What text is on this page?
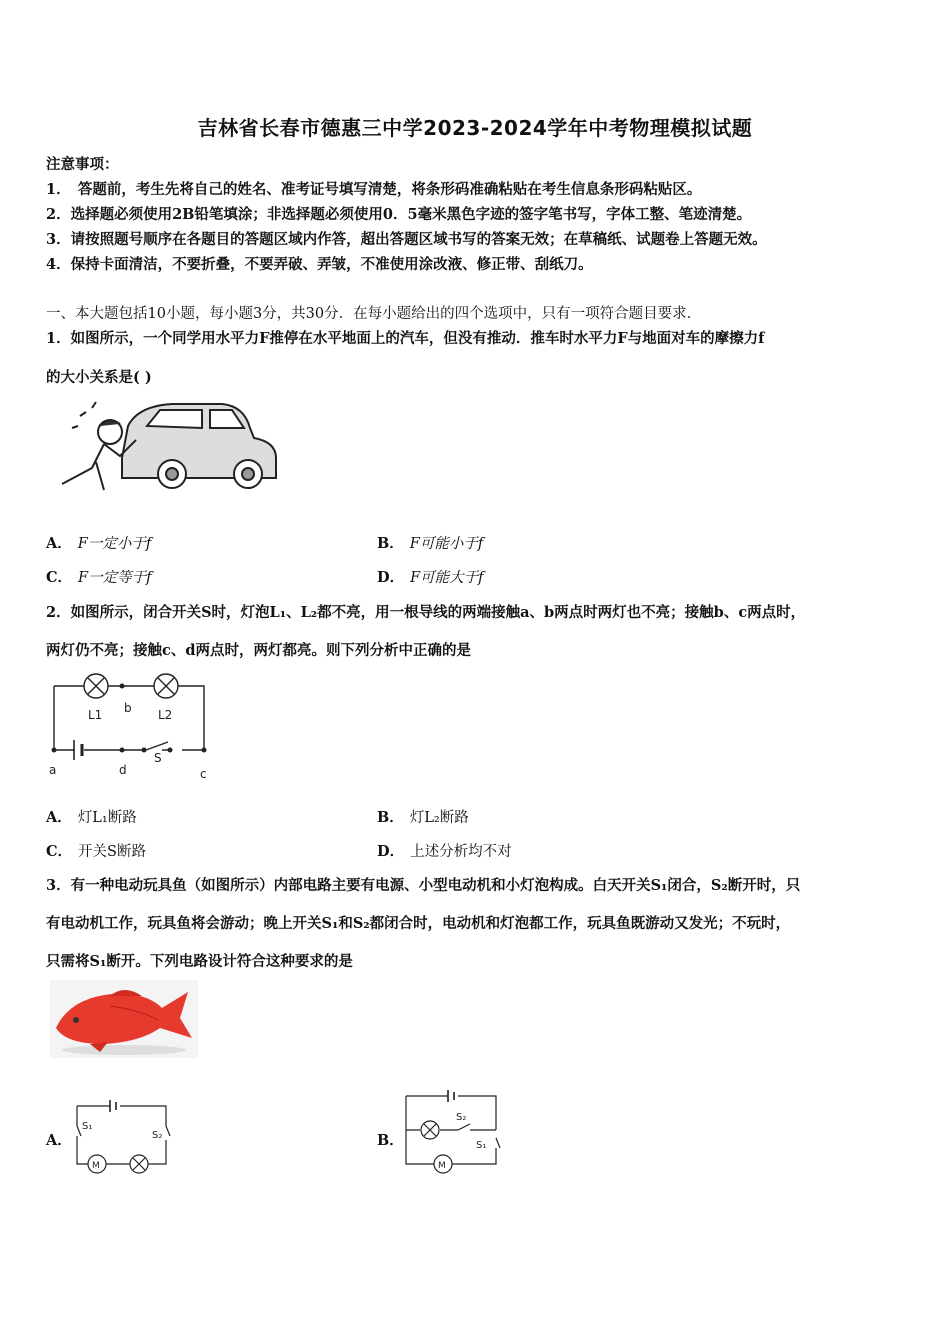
吉林省长春市德惠三中学2023-2024学年中考物理模拟试题
注意事项：
1．　答题前，考生先将自己的姓名、准考证号填写清楚，将条形码准确粘贴在考生信息条形码粘贴区。
2．选择题必须使用2B铅笔填涂；非选择题必须使用0．5毫米黑色字迹的签字笔书写，字体工整、笔迹清楚。
3．请按照题号顺序在各题目的答题区域内作答，超出答题区域书写的答案无效；在草稿纸、试题卷上答题无效。
4．保持卡面清洁，不要折叠，不要弄破、弄皱，不准使用涂改液、修正带、刮纸刀。
一、本大题包括10小题，每小题3分，共30分．在每小题给出的四个选项中，只有一项符合题目要求．
1．如图所示，一个同学用水平力F推停在水平地面上的汽车，但没有推动．推车时水平力F与地面对车的摩擦力f
的大小关系是( )
A． F一定小于f	B． F可能小于f
C． F一定等于f	D． F可能大于f
2．如图所示，闭合开关S时，灯泡L₁、L₂都不亮，用一根导线的两端接触a、b两点时两灯也不亮；接触b、c两点时，
两灯仍不亮；接触c、d两点时，两灯都亮。则下列分析中正确的是
L1	L2
b
a	d	c
S
A． 灯L₁断路	B． 灯L₂断路
C． 开关S断路	D． 上述分析均不对
3．有一种电动玩具鱼（如图所示）内部电路主要有电源、小型电动机和小灯泡构成。白天开关S₁闭合，S₂断开时，只
有电动机工作，玩具鱼将会游动；晚上开关S₁和S₂都闭合时，电动机和灯泡都工作，玩具鱼既游动又发光；不玩时，
只需将S₁断开。下列电路设计符合这种要求的是
A．
S₁
S₂
M
B．
S₂
S₁
M
